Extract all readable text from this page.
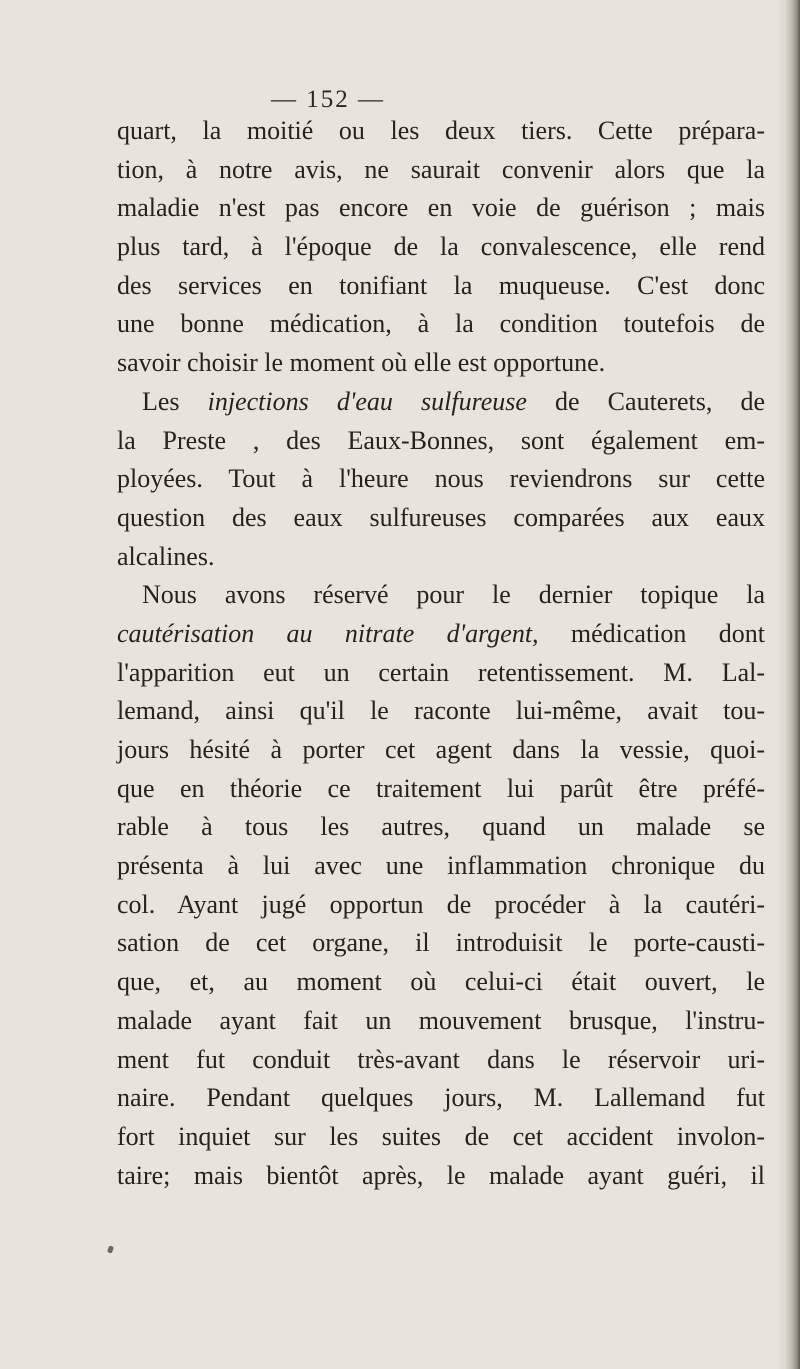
— 152 —
quart, la moitié ou les deux tiers. Cette prépara-
tion, à notre avis, ne saurait convenir alors que la
maladie n'est pas encore en voie de guérison ; mais
plus tard, à l'époque de la convalescence, elle rend
des services en tonifiant la muqueuse. C'est donc
une bonne médication, à la condition toutefois de
savoir choisir le moment où elle est opportune.
Les injections d'eau sulfureuse de Cauterets, de
la Preste , des Eaux-Bonnes, sont également em-
ployées. Tout à l'heure nous reviendrons sur cette
question des eaux sulfureuses comparées aux eaux
alcalines.
Nous avons réservé pour le dernier topique la
cautérisation au nitrate d'argent, médication dont
l'apparition eut un certain retentissement. M. Lal-
lemand, ainsi qu'il le raconte lui-même, avait tou-
jours hésité à porter cet agent dans la vessie, quoi-
que en théorie ce traitement lui parût être préfé-
rable à tous les autres, quand un malade se
présenta à lui avec une inflammation chronique du
col. Ayant jugé opportun de procéder à la cautéri-
sation de cet organe, il introduisit le porte-causti-
que, et, au moment où celui-ci était ouvert, le
malade ayant fait un mouvement brusque, l'instru-
ment fut conduit très-avant dans le réservoir uri-
naire. Pendant quelques jours, M. Lallemand fut
fort inquiet sur les suites de cet accident involon-
taire; mais bientôt après, le malade ayant guéri, il
